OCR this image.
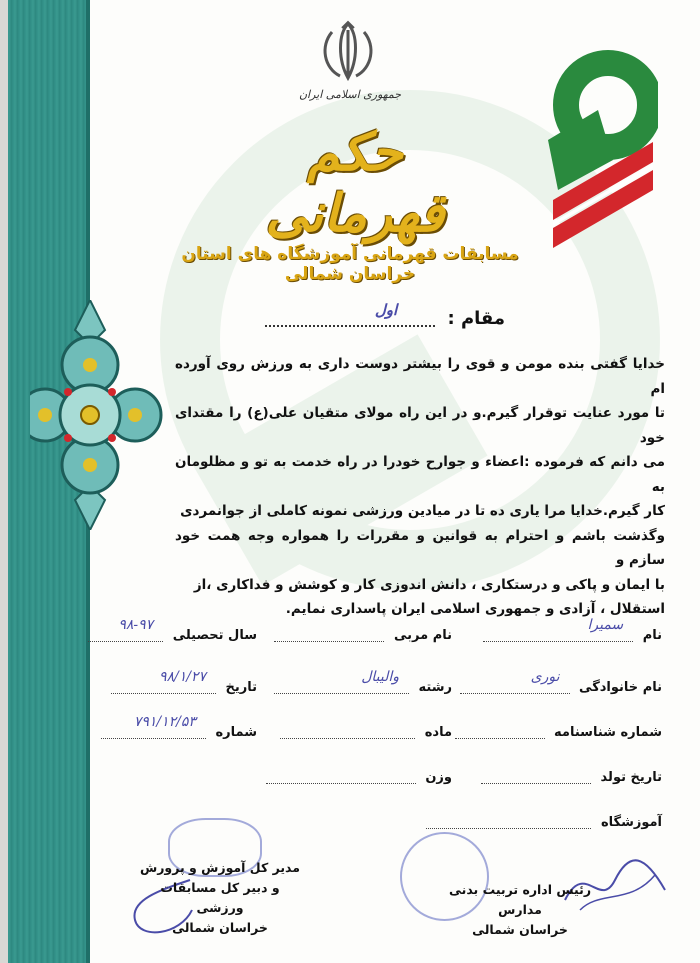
جمهوری اسلامی ایران
حکم قهرمانی
مسابقات قهرمانی آموزشگاه های استان خراسان شمالی
مقام :
اول
خدایا گفتی بنده مومن و قوی را بیشتر دوست داری به ورزش روی آورده ام
تا مورد عنایت توقرار گیرم.و در این راه مولای متقیان علی(ع) را مقتدای خود
می دانم که فرموده :اعضاء و جوارح خودرا در راه خدمت به تو و مظلومان به
کار گیرم.خدایا مرا یاری ده تا در میادین ورزشی نمونه کاملی از جوانمردی
وگذشت باشم و احترام به قوانین و مقررات را همواره وجه همت خود سازم و
با ایمان و پاکی و درستکاری ، دانش اندوزی کار و کوشش و فداکاری ،از
استقلال ، آزادی و جمهوری اسلامی ایران پاسداری نمایم.
نام
سمیرا
نام مربی
سال تحصیلی
۹۸-۹۷
نام خانوادگی
نوری
رشته
والیبال
تاریخ
۹۸/۱/۲۷
شماره شناسنامه
ماده
شماره
۷۹۱/۱۲/۵۳
تاریخ تولد
وزن
آموزشگاه
رئیس اداره تربیت بدنی مدارس
خراسان شمالی
مدیر کل آموزش و پرورش
و دبیر کل مسابقات ورزشی
خراسان شمالی
